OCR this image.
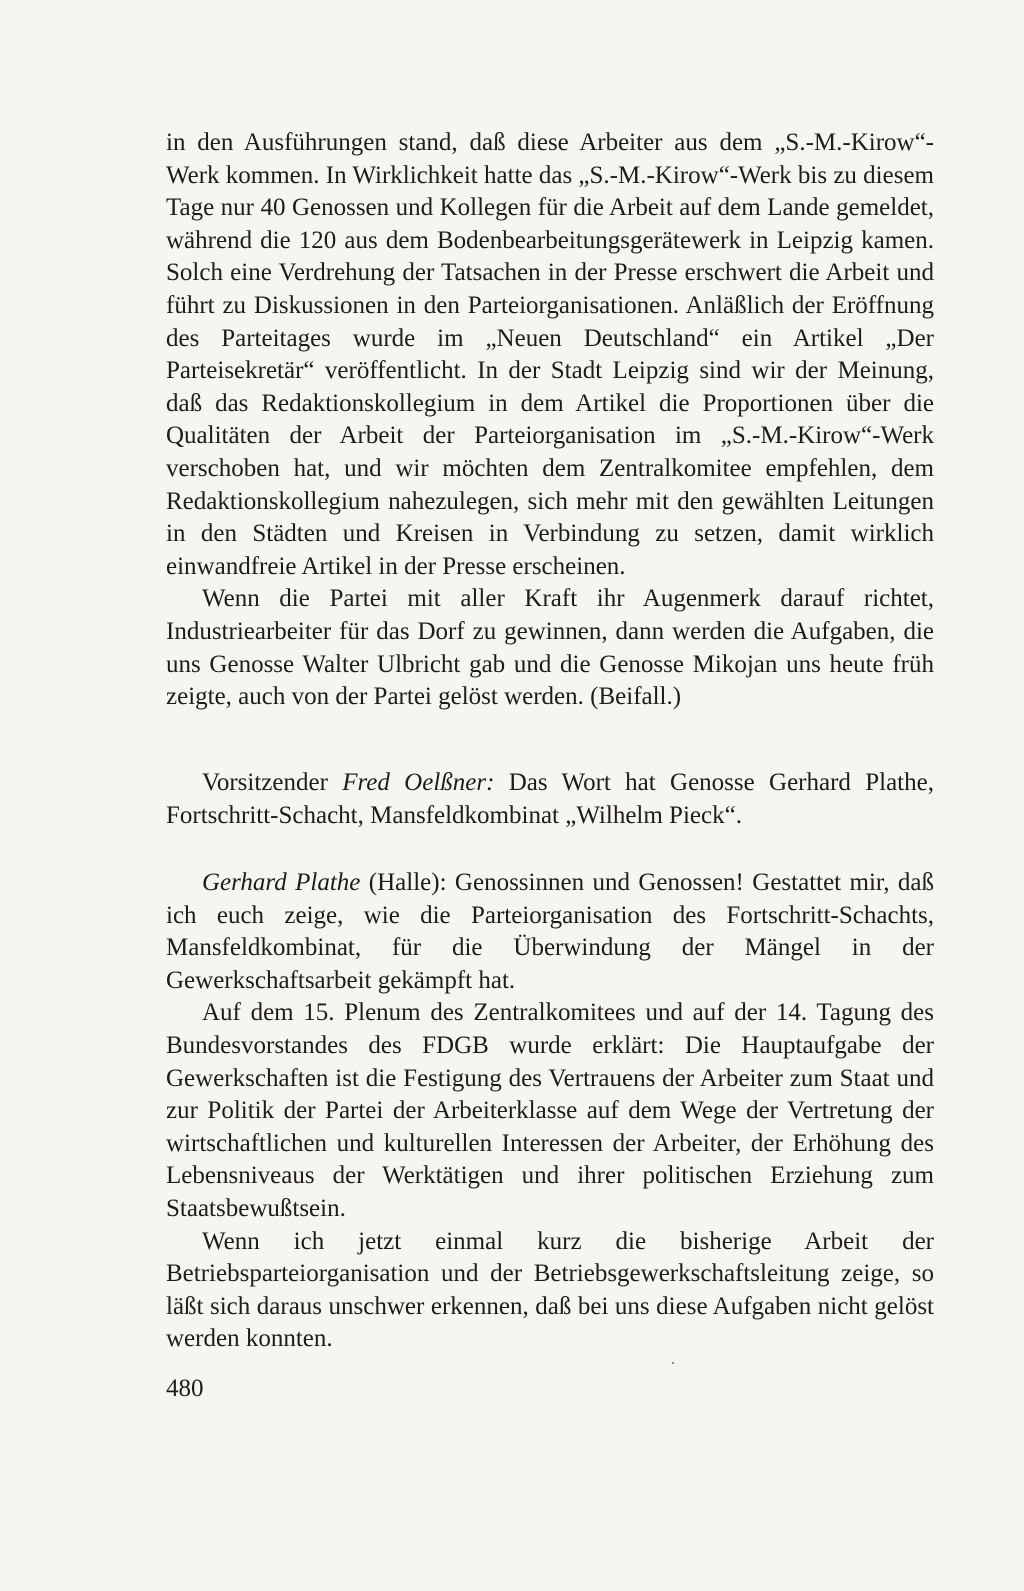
in den Ausführungen stand, daß diese Arbeiter aus dem „S.-M.-Kirow“-Werk kommen. In Wirklichkeit hatte das „S.-M.-Kirow“-Werk bis zu diesem Tage nur 40 Genossen und Kollegen für die Arbeit auf dem Lande gemeldet, während die 120 aus dem Bodenbearbeitungsgerätewerk in Leipzig kamen. Solch eine Verdrehung der Tatsachen in der Presse erschwert die Arbeit und führt zu Diskussionen in den Parteiorganisationen. Anläßlich der Eröffnung des Parteitages wurde im „Neuen Deutschland“ ein Artikel „Der Parteisekretär“ veröffentlicht. In der Stadt Leipzig sind wir der Meinung, daß das Redaktionskollegium in dem Artikel die Proportionen über die Qualitäten der Arbeit der Parteiorganisation im „S.-M.-Kirow“-Werk verschoben hat, und wir möchten dem Zentralkomitee empfehlen, dem Redaktionskollegium nahezulegen, sich mehr mit den gewählten Leitungen in den Städten und Kreisen in Verbindung zu setzen, damit wirklich einwandfreie Artikel in der Presse erscheinen.

Wenn die Partei mit aller Kraft ihr Augenmerk darauf richtet, Industriearbeiter für das Dorf zu gewinnen, dann werden die Aufgaben, die uns Genosse Walter Ulbricht gab und die Genosse Mikojan uns heute früh zeigte, auch von der Partei gelöst werden. (Beifall.)

Vorsitzender Fred Oelßner: Das Wort hat Genosse Gerhard Plathe, Fortschritt-Schacht, Mansfeldkombinat „Wilhelm Pieck“.

Gerhard Plathe (Halle): Genossinnen und Genossen! Gestattet mir, daß ich euch zeige, wie die Parteiorganisation des Fortschritt-Schachts, Mansfeldkombinat, für die Überwindung der Mängel in der Gewerkschaftsarbeit gekämpft hat.

Auf dem 15. Plenum des Zentralkomitees und auf der 14. Tagung des Bundesvorstandes des FDGB wurde erklärt: Die Hauptaufgabe der Gewerkschaften ist die Festigung des Vertrauens der Arbeiter zum Staat und zur Politik der Partei der Arbeiterklasse auf dem Wege der Vertretung der wirtschaftlichen und kulturellen Interessen der Arbeiter, der Erhöhung des Lebensniveaus der Werktätigen und ihrer politischen Erziehung zum Staatsbewußtsein.

Wenn ich jetzt einmal kurz die bisherige Arbeit der Betriebsparteiorganisation und der Betriebsgewerkschaftsleitung zeige, so läßt sich daraus unschwer erkennen, daß bei uns diese Aufgaben nicht gelöst werden konnten.

480
